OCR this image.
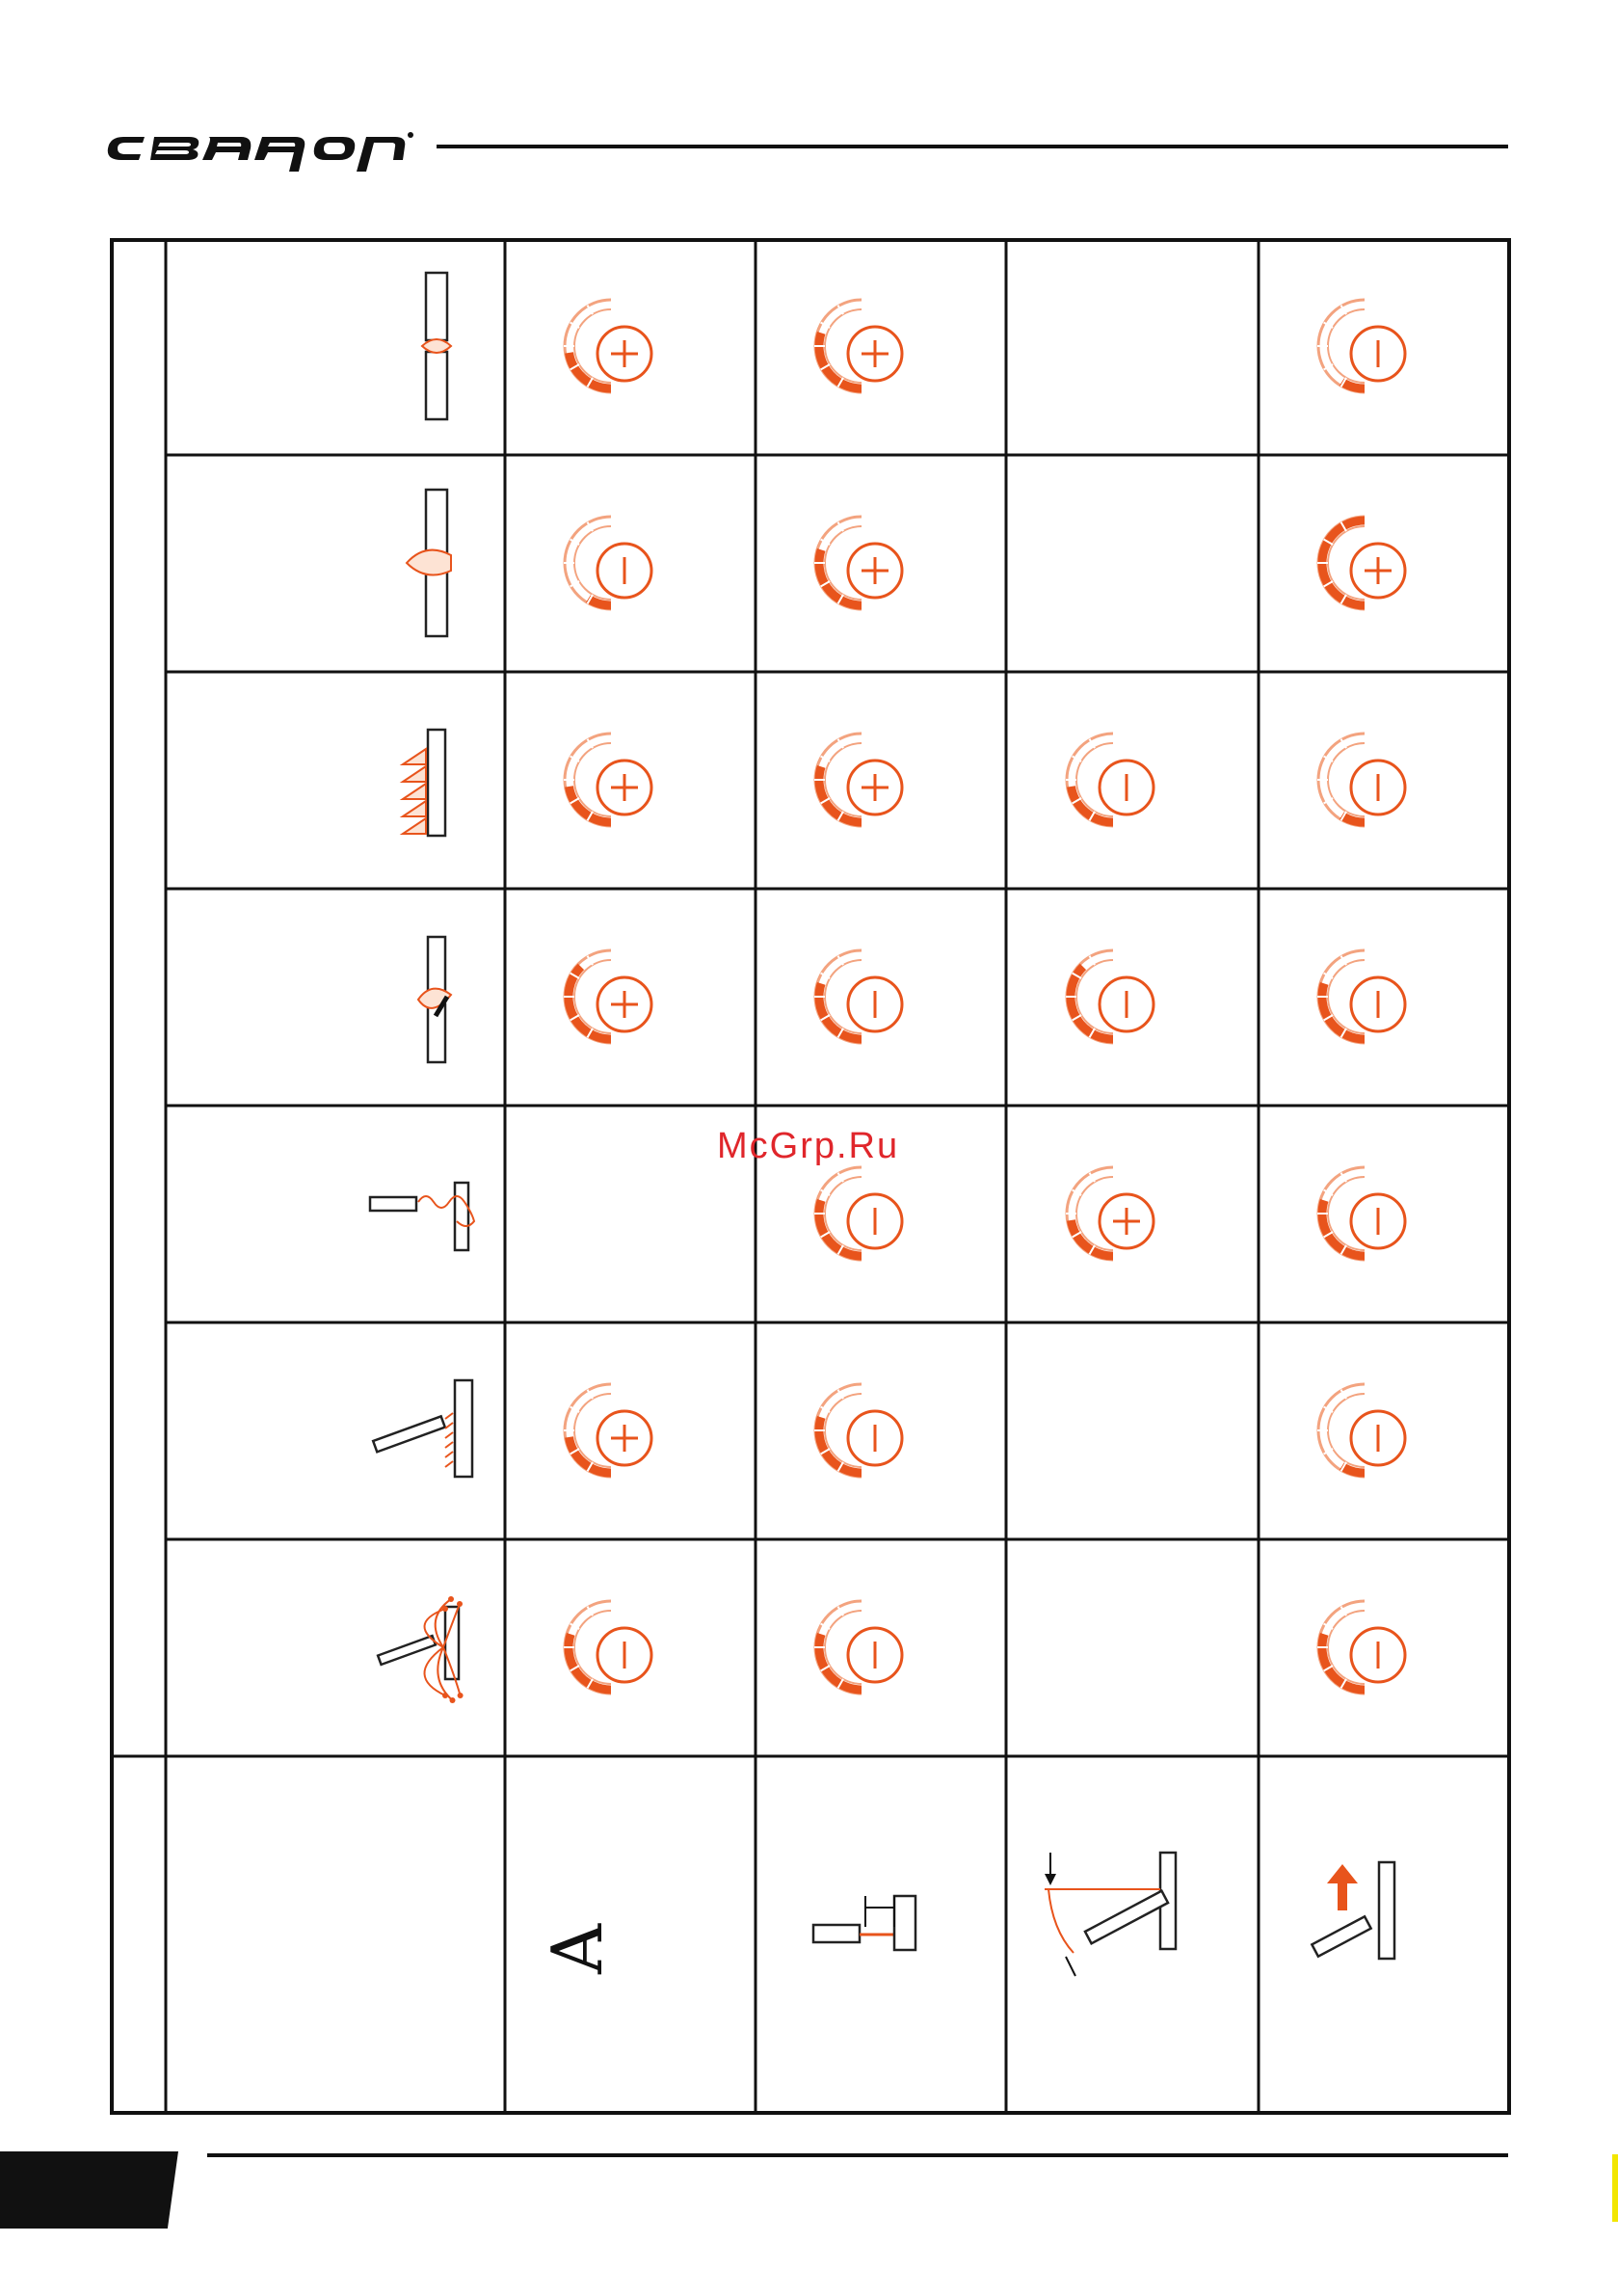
A
McGrp.Ru
